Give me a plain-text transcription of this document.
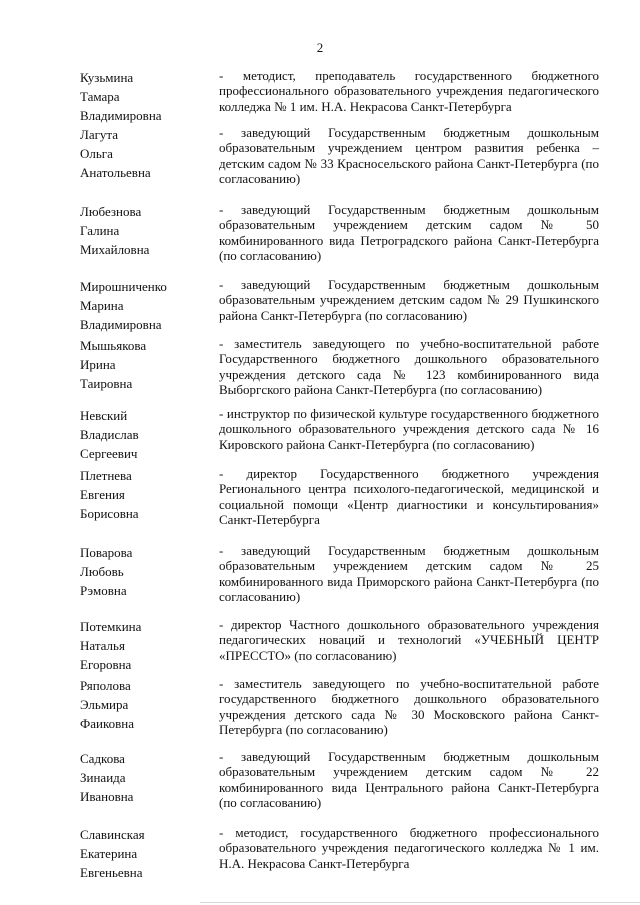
2
Кузьмина
Тамара
Владимировна
- методист, преподаватель государственного бюджетного профессионального образовательного учреждения педагогического колледжа № 1 им. Н.А. Некрасова Санкт-Петербурга
Лагута
Ольга
Анатольевна
- заведующий Государственным бюджетным дошкольным образовательным учреждением центром развития ребенка – детским садом № 33 Красносельского района Санкт-Петербурга (по согласованию)
Любезнова
Галина
Михайловна
- заведующий Государственным бюджетным дошкольным образовательным учреждением детским садом № 50 комбинированного вида Петроградского района Санкт-Петербурга (по согласованию)
Мирошниченко
Марина
Владимировна
- заведующий Государственным бюджетным дошкольным образовательным учреждением детским садом № 29 Пушкинского района Санкт-Петербурга (по согласованию)
Мышьякова
Ирина
Таировна
- заместитель заведующего по учебно-воспитательной работе Государственного бюджетного дошкольного образовательного учреждения детского сада № 123 комбинированного вида Выборгского района Санкт-Петербурга (по согласованию)
Невский
Владислав
Сергеевич
- инструктор по физической культуре государственного бюджетного дошкольного образовательного учреждения детского сада № 16 Кировского района Санкт-Петербурга (по согласованию)
Плетнева
Евгения
Борисовна
- директор Государственного бюджетного учреждения Регионального центра психолого-педагогической, медицинской и социальной помощи «Центр диагностики и консультирования» Санкт-Петербурга
Поварова
Любовь
Рэмовна
- заведующий Государственным бюджетным дошкольным образовательным учреждением детским садом № 25 комбинированного вида Приморского района Санкт-Петербурга (по согласованию)
Потемкина
Наталья
Егоровна
- директор Частного дошкольного образовательного учреждения педагогических новаций и технологий «УЧЕБНЫЙ ЦЕНТР «ПРЕССТО» (по согласованию)
Ряполова
Эльмира
Фаиковна
- заместитель заведующего по учебно-воспитательной работе государственного бюджетного дошкольного образовательного учреждения детского сада № 30 Московского района Санкт-Петербурга (по согласованию)
Садкова
Зинаида
Ивановна
- заведующий Государственным бюджетным дошкольным образовательным учреждением детским садом № 22 комбинированного вида Центрального района Санкт-Петербурга (по согласованию)
Славинская
Екатерина
Евгеньевна
- методист, государственного бюджетного профессионального образовательного учреждения педагогического колледжа № 1 им. Н.А. Некрасова Санкт-Петербурга
